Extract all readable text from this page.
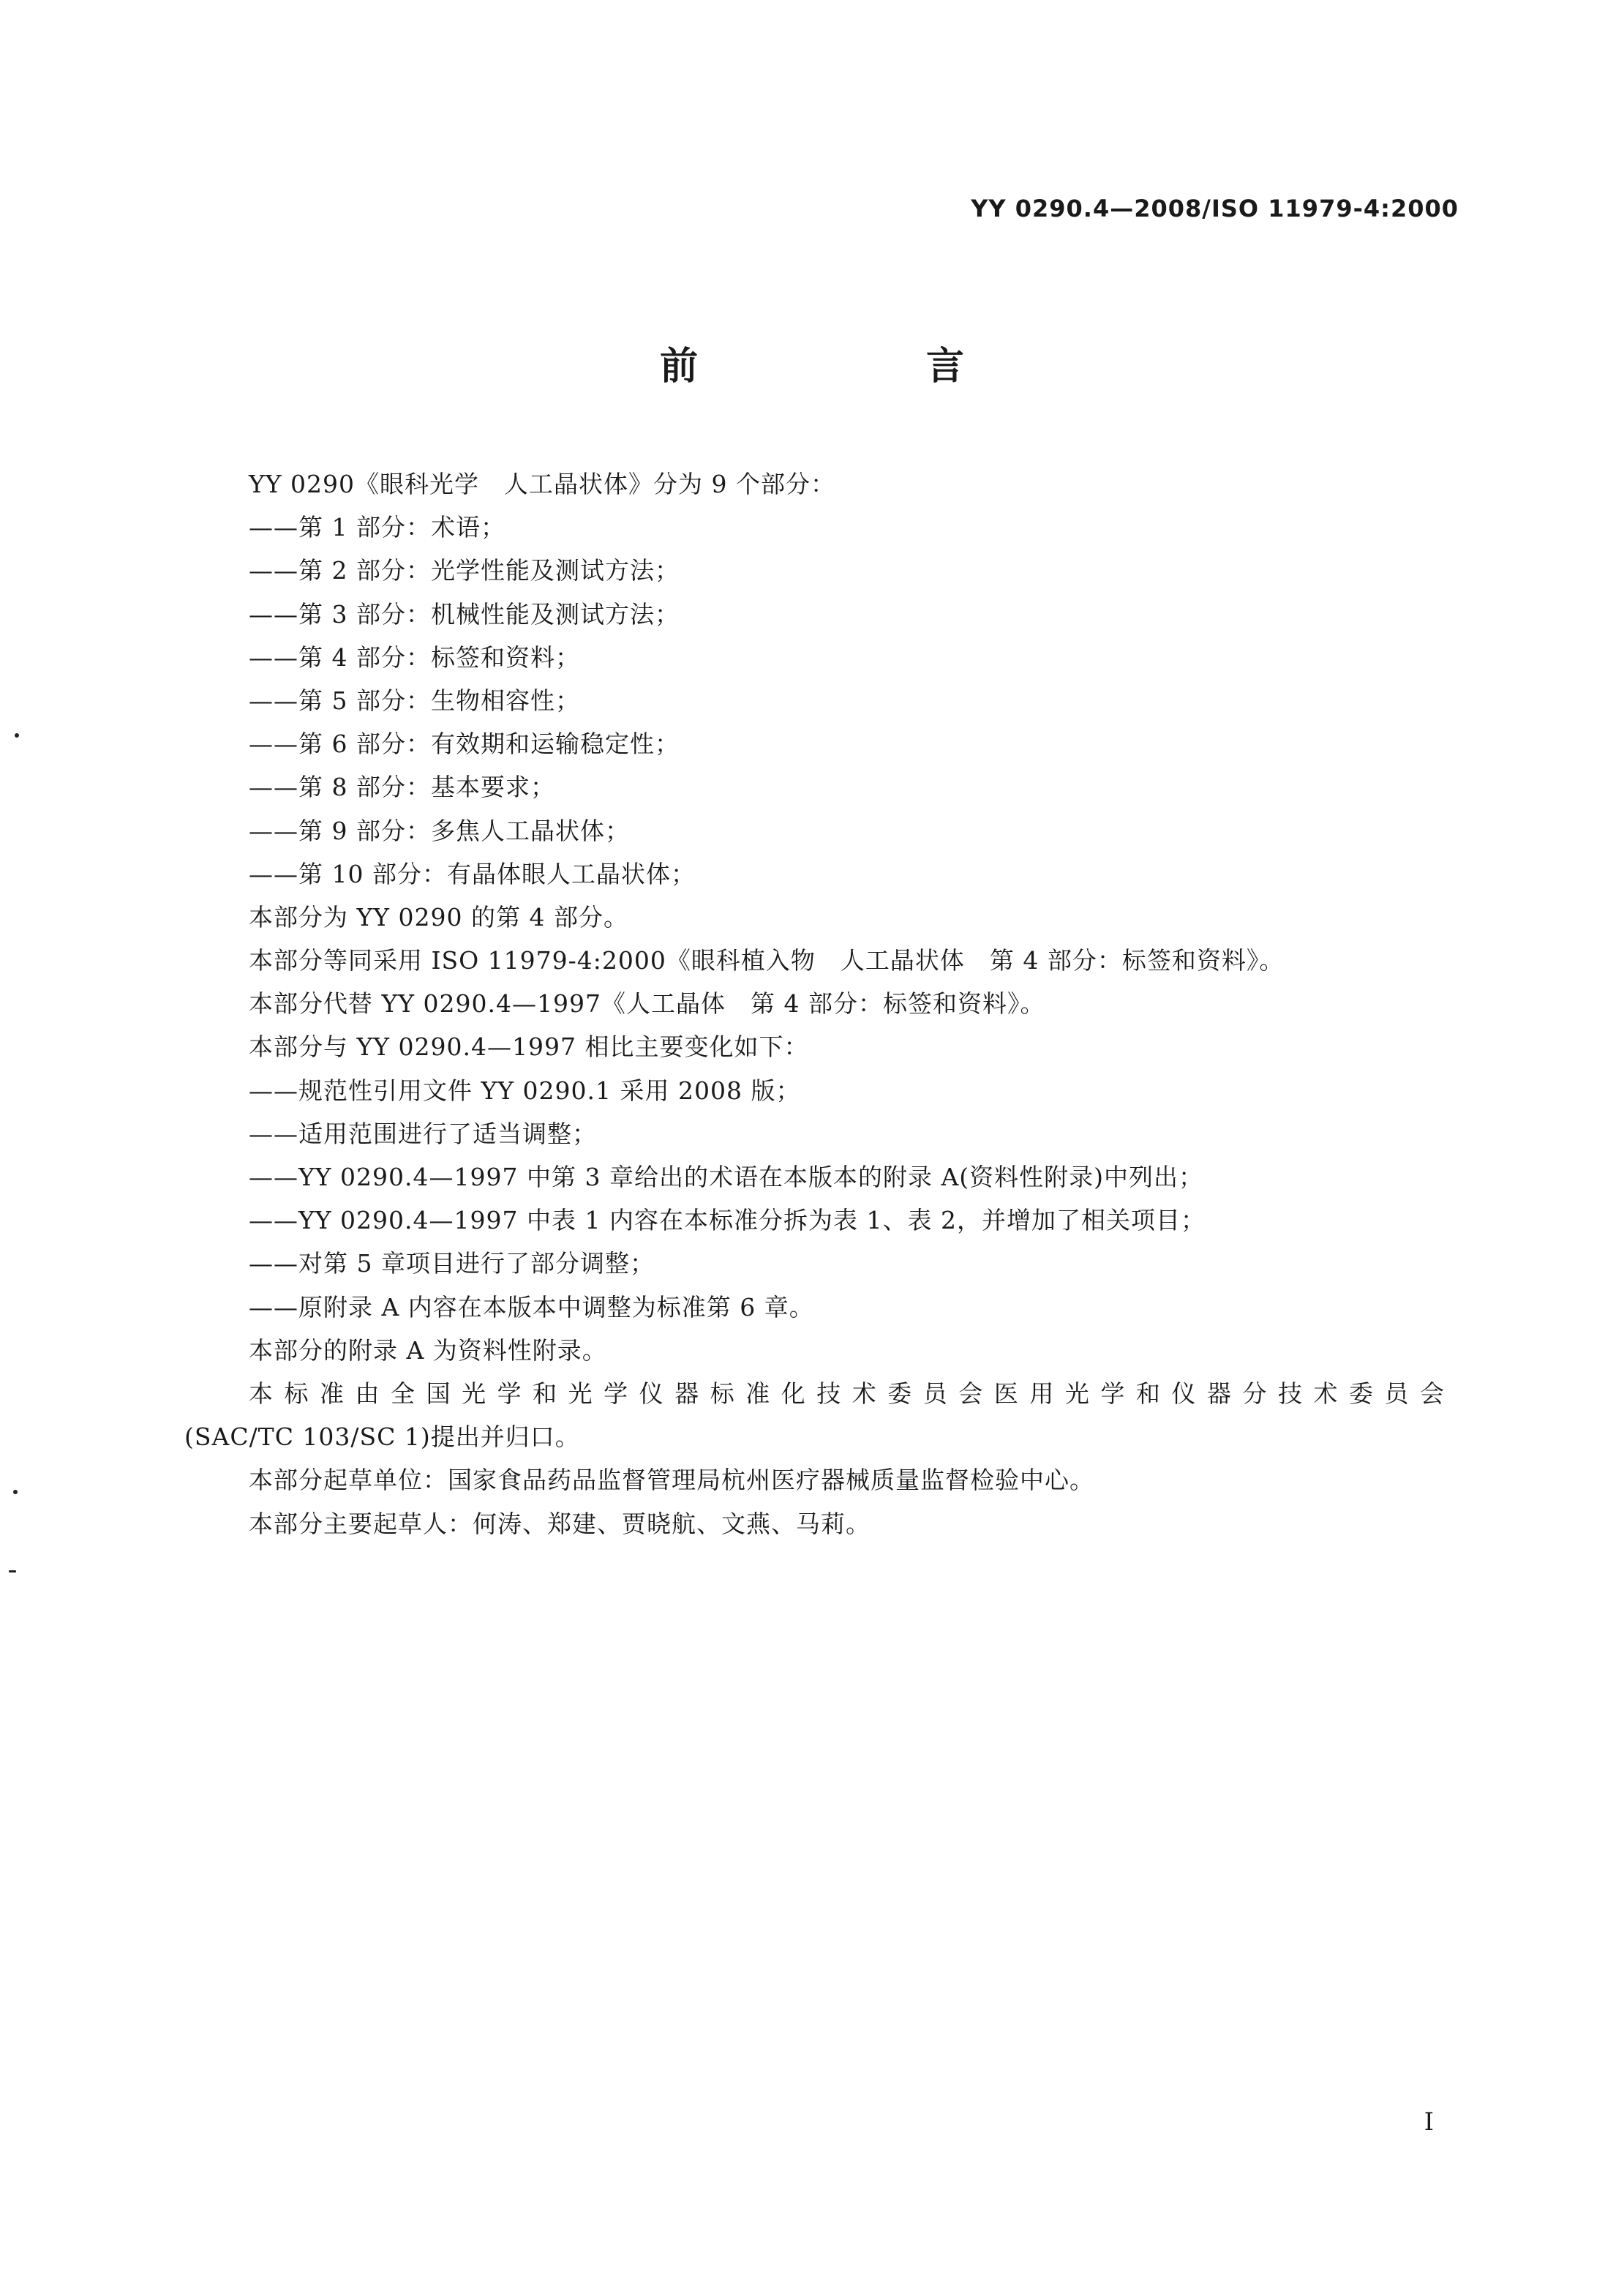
YY 0290.4—2008/ISO 11979-4:2000
前　言
YY 0290《眼科光学　人工晶状体》分为 9 个部分：
——第 1 部分：术语；
——第 2 部分：光学性能及测试方法；
——第 3 部分：机械性能及测试方法；
——第 4 部分：标签和资料；
——第 5 部分：生物相容性；
——第 6 部分：有效期和运输稳定性；
——第 8 部分：基本要求；
——第 9 部分：多焦人工晶状体；
——第 10 部分：有晶体眼人工晶状体；
本部分为 YY 0290 的第 4 部分。
本部分等同采用 ISO 11979-4:2000《眼科植入物　人工晶状体　第 4 部分：标签和资料》。
本部分代替 YY 0290.4—1997《人工晶体　第 4 部分：标签和资料》。
本部分与 YY 0290.4—1997 相比主要变化如下：
——规范性引用文件 YY 0290.1 采用 2008 版；
——适用范围进行了适当调整；
——YY 0290.4—1997 中第 3 章给出的术语在本版本的附录 A(资料性附录)中列出；
——YY 0290.4—1997 中表 1 内容在本标准分拆为表 1、表 2，并增加了相关项目；
——对第 5 章项目进行了部分调整；
——原附录 A 内容在本版本中调整为标准第 6 章。
本部分的附录 A 为资料性附录。
本标准由全国光学和光学仪器标准化技术委员会医用光学和仪器分技术委员会
(SAC/TC 103/SC 1)提出并归口。
本部分起草单位：国家食品药品监督管理局杭州医疗器械质量监督检验中心。
本部分主要起草人：何涛、郑建、贾晓航、文燕、马莉。
I
